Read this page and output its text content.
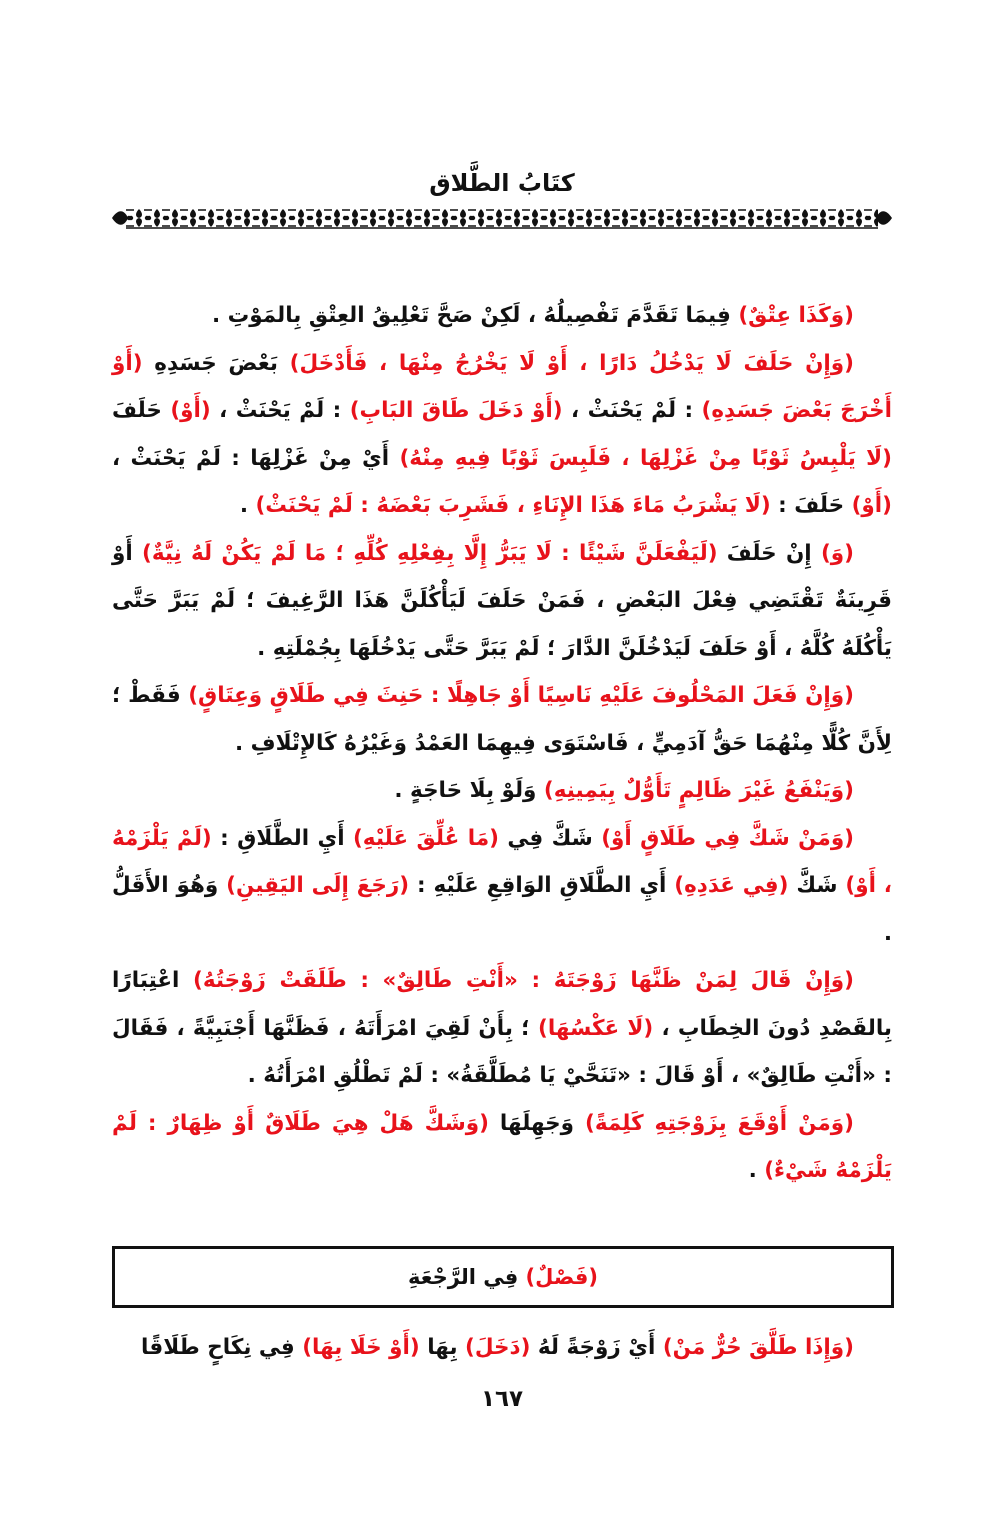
كتَابُ الطَّلاق

(وَكَذَا عِتْقٌ) فِيمَا تَقَدَّمَ تَفْصِيلُهُ ، لَكِنْ صَحَّ تَعْلِيقُ العِتْقِ بِالمَوْتِ .

(وَإِنْ حَلَفَ لَا يَدْخُلُ دَارًا ، أَوْ لَا يَخْرُجُ مِنْهَا ، فَأَدْخَلَ) بَعْضَ جَسَدِهِ (أَوْ أَخْرَجَ بَعْضَ جَسَدِهِ) : لَمْ يَحْنَثْ ، (أَوْ دَخَلَ طَاقَ البَابِ) : لَمْ يَحْنَثْ ، (أَوْ) حَلَفَ (لَا يَلْبِسُ ثَوْبًا مِنْ غَزْلِهَا ، فَلَبِسَ ثَوْبًا فِيهِ مِنْهُ) أَيْ مِنْ غَزْلِهَا : لَمْ يَحْنَثْ ، (أَوْ) حَلَفَ : (لَا يَشْرَبُ مَاءَ هَذَا الإِنَاءِ ، فَشَرِبَ بَعْضَهُ : لَمْ يَحْنَثْ) .

(وَ) إِنْ حَلَفَ (لَيَفْعَلَنَّ شَيْئًا : لَا يَبَرُّ إِلَّا بِفِعْلِهِ كُلِّهِ ؛ مَا لَمْ يَكُنْ لَهُ نِيَّةٌ) أَوْ قَرِينَةٌ تَقْتَضِي فِعْلَ البَعْضِ ، فَمَنْ حَلَفَ لَيَأْكُلَنَّ هَذَا الرَّغِيفَ ؛ لَمْ يَبَرَّ حَتَّى يَأْكُلَهُ كُلَّهُ ، أَوْ حَلَفَ لَيَدْخُلَنَّ الدَّارَ ؛ لَمْ يَبَرَّ حَتَّى يَدْخُلَهَا بِجُمْلَتِهِ .

(وَإِنْ فَعَلَ المَحْلُوفَ عَلَيْهِ نَاسِيًا أَوْ جَاهِلًا : حَنِثَ فِي طَلَاقٍ وَعِتَاقٍ) فَقَطْ ؛ لِأَنَّ كُلًّا مِنْهُمَا حَقُّ آدَمِيٍّ ، فَاسْتَوَى فِيهِمَا العَمْدُ وَغَيْرُهُ كَالإِتْلَافِ .

(وَيَنْفَعُ غَيْرَ ظَالِمٍ تَأَوُّلٌ بِيَمِينِهِ) وَلَوْ بِلَا حَاجَةٍ .

(وَمَنْ شَكَّ فِي طَلَاقٍ أَوْ) شَكَّ فِي (مَا عُلِّقَ عَلَيْهِ) أَيِ الطَّلَاقِ : (لَمْ يَلْزَمْهُ ، أَوْ) شَكَّ (فِي عَدَدِهِ) أَيِ الطَّلَاقِ الوَاقِعِ عَلَيْهِ : (رَجَعَ إِلَى اليَقِينِ) وَهُوَ الأَقَلُّ .

(وَإِنْ قَالَ لِمَنْ ظَنَّهَا زَوْجَتَهُ : «أَنْتِ طَالِقٌ» : طَلَقَتْ زَوْجَتُهُ) اعْتِبَارًا بِالقَصْدِ دُونَ الخِطَابِ ، (لَا عَكْسُهَا) ؛ بِأَنْ لَقِيَ امْرَأَتَهُ ، فَظَنَّهَا أَجْنَبِيَّةً ، فَقَالَ : «أَنْتِ طَالِقٌ» ، أَوْ قَالَ : «تَنَحَّيْ يَا مُطَلَّقَةُ» : لَمْ تَطْلُقِ امْرَأَتُهُ .

(وَمَنْ أَوْقَعَ بِزَوْجَتِهِ كَلِمَةً) وَجَهِلَهَا (وَشَكَّ هَلْ هِيَ طَلَاقٌ أَوْ ظِهَارٌ : لَمْ يَلْزَمْهُ شَيْءٌ) .

(فَصْلٌ) فِي الرَّجْعَةِ
(وَإِذَا طَلَّقَ حُرٌّ مَنْ) أَيْ زَوْجَةً لَهُ (دَخَلَ) بِهَا (أَوْ خَلَا بِهَا) فِي نِكَاحٍ طَلَاقًا
١٦٧
